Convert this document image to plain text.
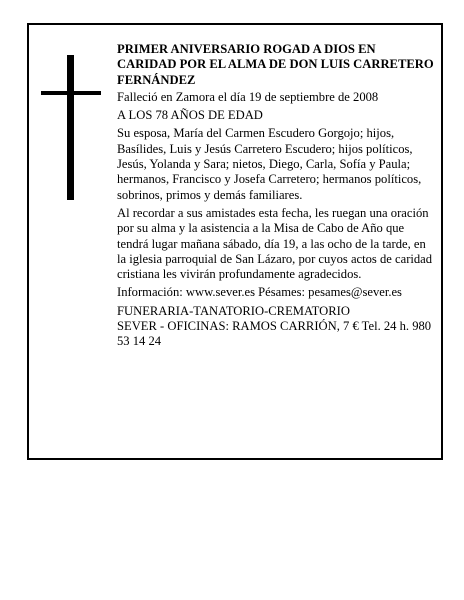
PRIMER ANIVERSARIO ROGAD A DIOS EN CARIDAD POR EL ALMA DE DON LUIS CARRETERO FERNÁNDEZ

Falleció en Zamora el día 19 de septiembre de 2008

A LOS 78 AÑOS DE EDAD

Su esposa, María del Carmen Escudero Gorgojo; hijos, Basílides, Luis y Jesús Carretero Escudero; hijos políticos, Jesús, Yolanda y Sara; nietos, Diego, Carla, Sofía y Paula; hermanos, Francisco y Josefa Carretero; hermanos políticos, sobrinos, primos y demás familiares.

Al recordar a sus amistades esta fecha, les ruegan una oración por su alma y la asistencia a la Misa de Cabo de Año que tendrá lugar mañana sábado, día 19, a las ocho de la tarde, en la iglesia parroquial de San Lázaro, por cuyos actos de caridad cristiana les vivirán profundamente agradecidos.

Información: www.sever.es Pésames: pesames@sever.es

FUNERARIA-TANATORIO-CREMATORIO

SEVER - OFICINAS: RAMOS CARRIÓN, 7 € Tel. 24 h. 980 53 14 24
